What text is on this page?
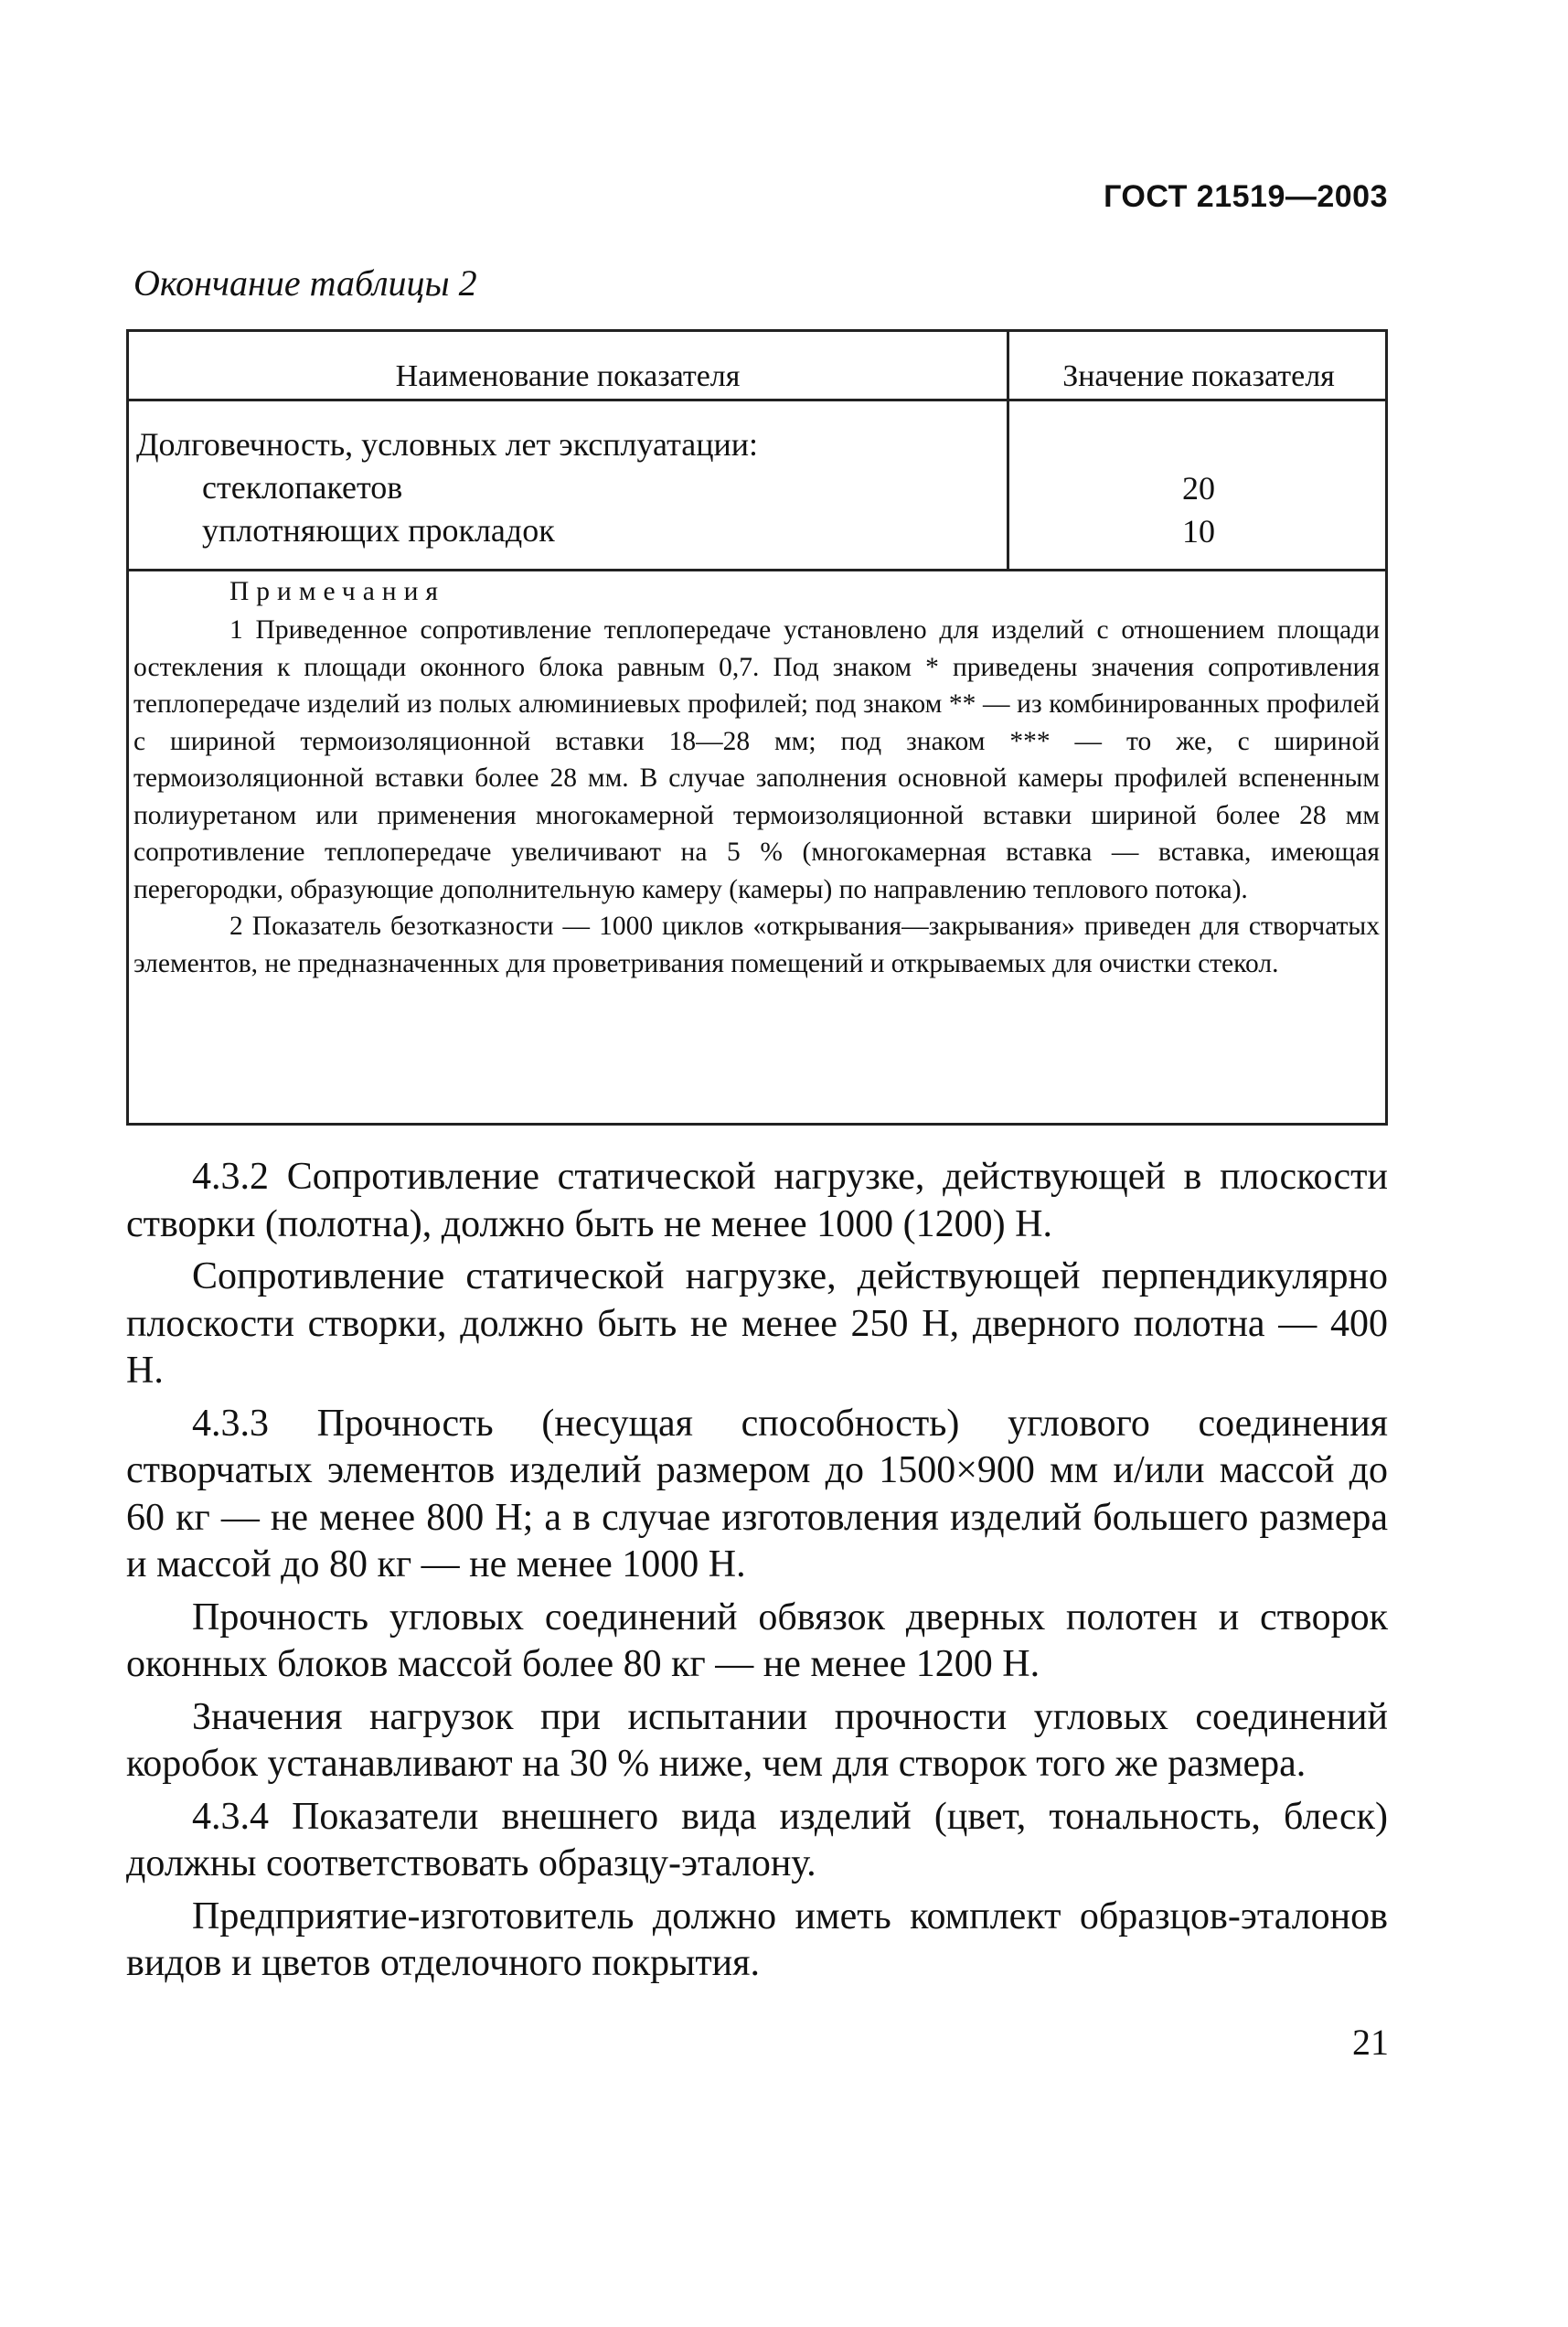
ГОСТ 21519—2003
Окончание таблицы 2
Наименование показателя	Значение показателя
Долговечность, условных лет эксплуатации:
стеклопакетов	20
уплотняющих прокладок	10

Примечания

1 Приведенное сопротивление теплопередаче установлено для изделий с отношением площади остекления к площади оконного блока равным 0,7. Под знаком * приведены значения сопротивления теплопередаче изделий из полых алюминиевых профилей; под знаком ** — из комбинированных профилей с шириной термоизоляционной вставки 18—28 мм; под знаком *** — то же, с шириной термоизоляционной вставки более 28 мм. В случае заполнения основной камеры профилей вспененным полиуретаном или применения многокамерной термоизоляционной вставки шириной более 28 мм сопротивление теплопередаче увеличивают на 5 % (многокамерная вставка — вставка, имеющая перегородки, образующие дополнительную камеру (камеры) по направлению теплового потока).

2 Показатель безотказности — 1000 циклов «открывания—закрывания» приведен для створчатых элементов, не предназначенных для проветривания помещений и открываемых для очистки стекол.

4.3.2 Сопротивление статической нагрузке, действующей в плоскости створки (полотна), должно быть не менее 1000 (1200) Н.

Сопротивление статической нагрузке, действующей перпендикулярно плоскости створки, должно быть не менее 250 Н, дверного полотна — 400 Н.

4.3.3 Прочность (несущая способность) углового соединения створчатых элементов изделий размером до 1500×900 мм и/или массой до 60 кг — не менее 800 Н; а в случае изготовления изделий большего размера и массой до 80 кг — не менее 1000 Н.

Прочность угловых соединений обвязок дверных полотен и створок оконных блоков массой более 80 кг — не менее 1200 Н.

Значения нагрузок при испытании прочности угловых соединений коробок устанавливают на 30 % ниже, чем для створок того же размера.

4.3.4 Показатели внешнего вида изделий (цвет, тональность, блеск) должны соответствовать образцу-эталону.

Предприятие-изготовитель должно иметь комплект образцов-эталонов видов и цветов отделочного покрытия.

21
